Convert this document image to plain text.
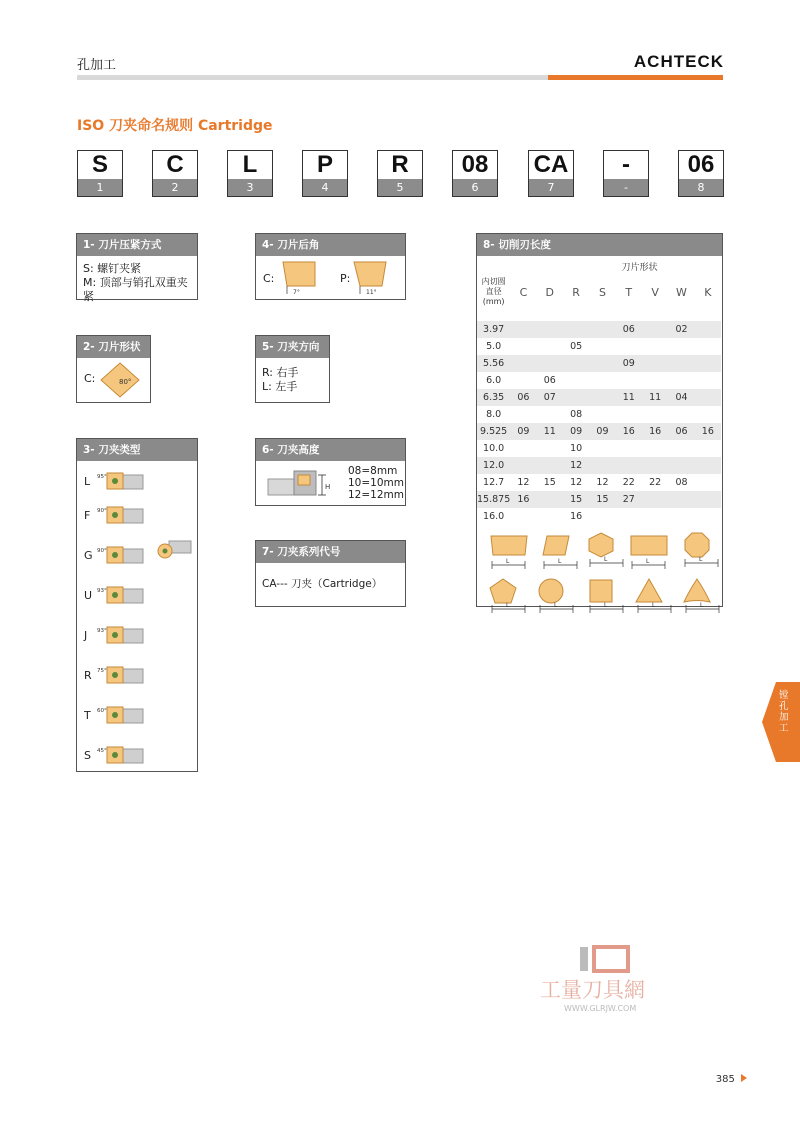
孔加工	ACHTECK
ISO 刀夹命名规则 Cartridge
S
1
C
2
L
3
P
4
R
5
08
6
CA
7
-
-
06
8
1- 刀片压紧方式
S: 螺钉夹紧
M: 顶部与销孔双重夹紧
2- 刀片形状
C:	80°
3- 刀夹类型
L 95°
F 90°
G 90°
U 93°
J 93°
R 75°
T 60°
S 45°
4- 刀片后角
C:
7°
P:
11°
5- 刀夹方向
R: 右手
L: 左手
6- 刀夹高度
H
08=8mm
10=10mm
12=12mm
7- 刀夹系列代号
CA--- 刀夹（Cartridge）
8- 切削刃长度
刀片形状
内切圆
直径
(mm)	C	D	R	S	T	V	W	K

3.97					06		02	
5.0			05					
5.56					09			
6.0		06						
6.35	06	07			11	11	04	
8.0			08					
9.525	09	11	09	09	16	16	06	16
10.0			10					
12.0			12					
12.7	12	15	12	12	22	22	08	
15.875	16		15	15	27			
16.0			16					
L	L	L	L	L
L	L	L	L	L
工量刀具網
WWW.GLRJW.COM
镗孔加工
385
